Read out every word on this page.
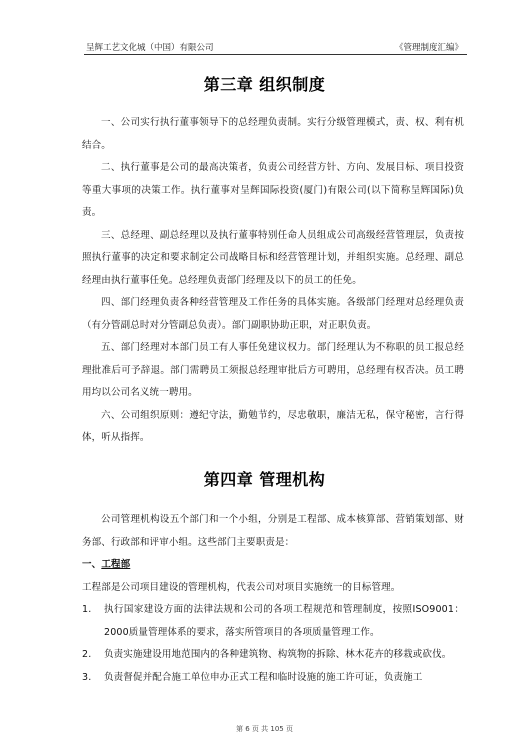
呈辉工艺文化城（中国）有限公司	《管理制度汇编》
第三章 组织制度

一、公司实行执行董事领导下的总经理负责制。实行分级管理模式，责、权、利有机结合。

二、执行董事是公司的最高决策者，负责公司经营方针、方向、发展目标、项目投资等重大事项的决策工作。执行董事对呈辉国际投资(厦门)有限公司(以下简称呈辉国际)负责。

三、总经理、副总经理以及执行董事特别任命人员组成公司高级经营管理层，负责按照执行董事的决定和要求制定公司战略目标和经营管理计划，并组织实施。总经理、副总经理由执行董事任免。总经理负责部门经理及以下的员工的任免。

四、部门经理负责各种经营管理及工作任务的具体实施。各级部门经理对总经理负责（有分管副总时对分管副总负责）。部门副职协助正职，对正职负责。

五、部门经理对本部门员工有人事任免建议权力。部门经理认为不称职的员工报总经理批准后可予辞退。部门需聘员工须报总经理审批后方可聘用，总经理有权否决。员工聘用均以公司名义统一聘用。

六、公司组织原则：遵纪守法，勤勉节约，尽忠敬职，廉洁无私，保守秘密，言行得体，听从指挥。

第四章 管理机构

公司管理机构设五个部门和一个小组，分别是工程部、成本核算部、营销策划部、财务部、行政部和评审小组。这些部门主要职责是：

一、工程部

工程部是公司项目建设的管理机构，代表公司对项目实施统一的目标管理。

1.	执行国家建设方面的法律法规和公司的各项工程规范和管理制度，按照ISO9001：2000质量管理体系的要求，落实所管项目的各项质量管理工作。
2.	负责实施建设用地范围内的各种建筑物、构筑物的拆除、林木花卉的移栽或砍伐。
3.	负责督促并配合施工单位申办正式工程和临时设施的施工许可证，负责施工
第 6 页 共 105 页
